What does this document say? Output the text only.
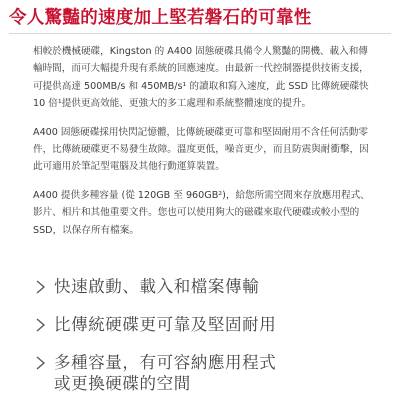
令人驚豔的速度加上堅若磐石的可靠性

相較於機械硬碟，Kingston 的 A400 固態硬碟具備令人驚豔的開機、載入和傳輸時間，而可大幅提升現有系統的回應速度。由最新一代控制器提供技術支援，可提供高達 500MB/s 和 450MB/s¹ 的讀取和寫入速度，此 SSD 比傳統硬碟快 10 倍¹提供更高效能、更強大的多工處理和系統整體速度的提升。

A400 固態硬碟採用快閃記憶體，比傳統硬碟更可靠和堅固耐用不含任何活動零件，比傳統硬碟更不易發生故障。溫度更低，噪音更少，而且防震與耐衝擊，因此可適用於筆記型電腦及其他行動運算裝置。

A400 提供多種容量 (從 120GB 至 960GB²)，給您所需空間來存放應用程式、影片、相片和其他重要文件。您也可以使用夠大的磁碟來取代硬碟或較小型的 SSD，以保存所有檔案。

快速啟動、載入和檔案傳輸
比傳統硬碟更可靠及堅固耐用
多種容量，有可容納應用程式
或更換硬碟的空間
